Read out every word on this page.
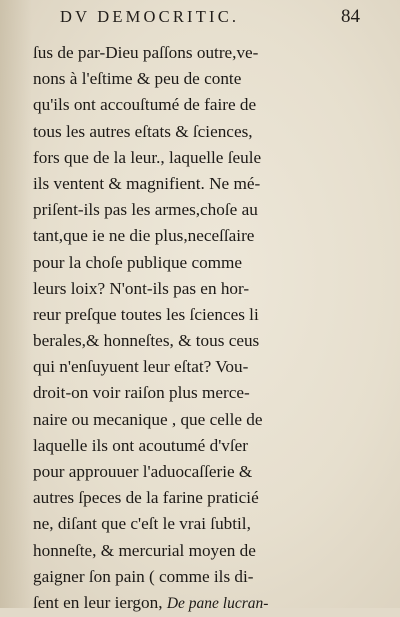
DV DEMOCRITIC.	84
ſus de par-Dieu paſſons outre,ve-
nons à l'eſtime & peu de conte
qu'ils ont accouſtumé de faire de
tous les autres eſtats & ſciences,
fors que de la leur., laquelle ſeule
ils ventent & magnifient. Ne mé-
priſent-ils pas les armes,choſe au
tant,que ie ne die plus,neceſſaire
pour la choſe publique comme
leurs loix? N'ont-ils pas en hor-
reur preſque toutes les ſciences li
berales,& honneſtes, & tous ceus
qui n'enſuyuent leur eſtat? Vou-
droit-on voir raiſon plus merce-
naire ou mecanique , que celle de
laquelle ils ont acoutumé d'vſer
pour approuuer l'aduocaſſerie &
autres ſpeces de la farine praticié
ne, diſant que c'eſt le vrai ſubtil,
honneſte, & mercurial moyen de
gaigner ſon pain ( comme ils di-
ſent en leur iergon, De pane lucran-
